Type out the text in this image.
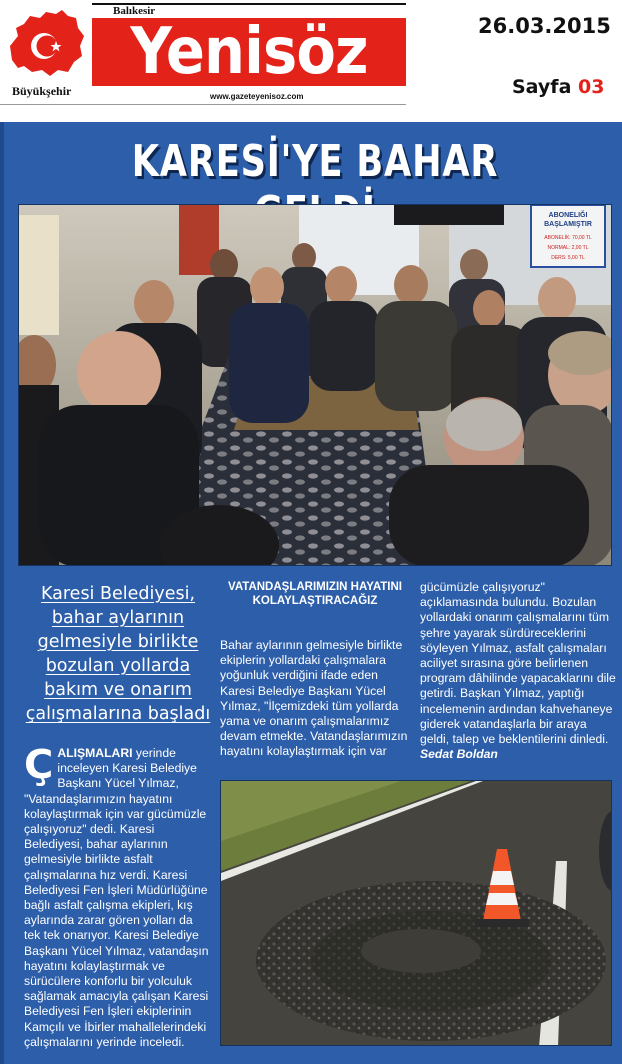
Büyükşehir
Balıkesir
Yenisöz
www.gazeteyenisoz.com
26.03.2015
Sayfa 03
KARESİ'YE BAHAR
ABONELIĞI
BAŞLAMIŞTIR
ABONELİK: 70,00 TL
NORMAL: 2,00 TL
DERS: 5,00 TL
Karesi Belediyesi, bahar aylarının gelmesiyle birlikte bozulan yollarda bakım ve onarım çalışmalarına başladı
ÇALIŞMALARI yerinde inceleyen Karesi Belediye Başkanı Yücel Yılmaz, "Vatandaşlarımızın hayatını kolaylaştırmak için var gücümüzle çalışıyoruz" dedi. Karesi Belediyesi, bahar aylarının gelmesiyle birlikte asfalt çalışmalarına hız verdi. Karesi Belediyesi Fen İşleri Müdürlüğüne bağlı asfalt çalışma ekipleri, kış aylarında zarar gören yolları da tek tek onarıyor. Karesi Belediye Başkanı Yücel Yılmaz, vatandaşın hayatını kolaylaştırmak ve sürücülere konforlu bir yolculuk sağlamak amacıyla çalışan Karesi Belediyesi Fen İşleri ekiplerinin Kamçılı ve İbirler mahallelerindeki çalışmalarını yerinde inceledi.
VATANDAŞLARIMIZIN HAYATINI KOLAYLAŞTIRACAĞIZ
Bahar aylarının gelmesiyle birlikte ekiplerin yollardaki çalışmalara yoğunluk verdiğini ifade eden Karesi Belediye Başkanı Yücel Yılmaz, "İlçemizdeki tüm yollarda yama ve onarım çalışmalarımız devam etmekte. Vatandaşlarımızın hayatını kolaylaştırmak için var
gücümüzle çalışıyoruz" açıklamasında bulundu. Bozulan yollardaki onarım çalışmalarını tüm şehre yayarak sürdüreceklerini söyleyen Yılmaz, asfalt çalışmaları aciliyet sırasına göre belirlenen program dâhilinde yapacaklarını dile getirdi. Başkan Yılmaz, yaptığı incelemenin ardından kahvehaneye giderek vatandaşlarla bir araya geldi, talep ve beklentilerini dinledi. Sedat Boldan
